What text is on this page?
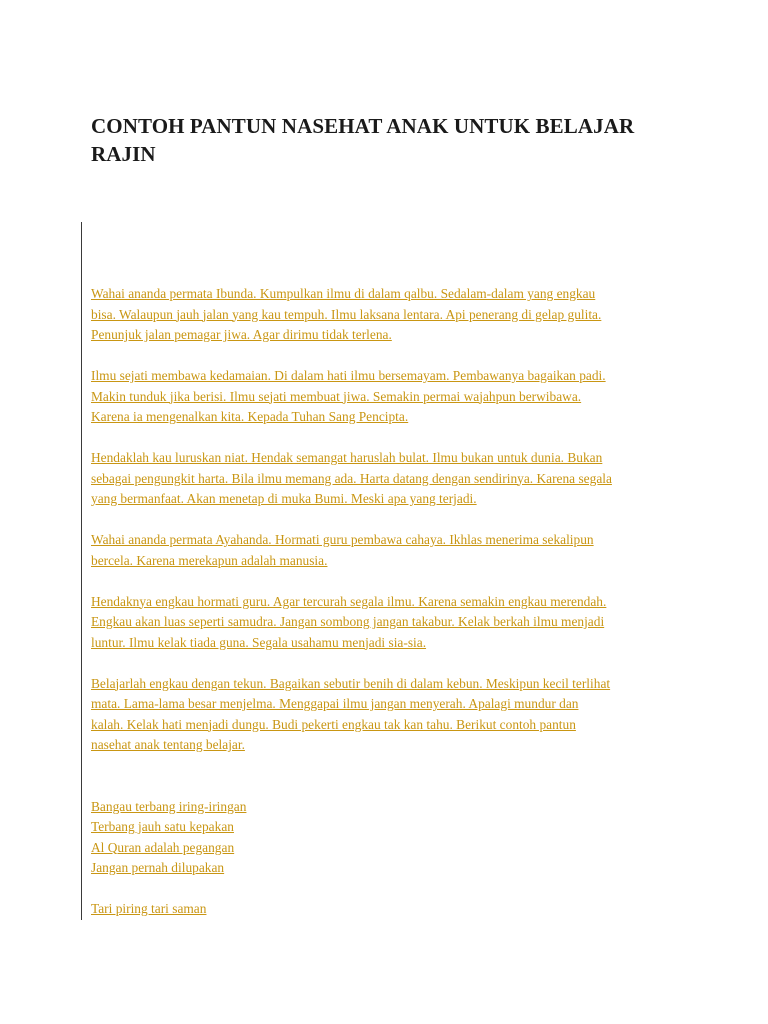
CONTOH PANTUN NASEHAT ANAK UNTUK BELAJAR RAJIN

Wahai ananda permata Ibunda. Kumpulkan ilmu di dalam qalbu. Sedalam-dalam yang engkau
bisa. Walaupun jauh jalan yang kau tempuh. Ilmu laksana lentara. Api penerang di gelap gulita.
Penunjuk jalan pemagar jiwa. Agar dirimu tidak terlena.

Ilmu sejati membawa kedamaian. Di dalam hati ilmu bersemayam. Pembawanya bagaikan padi.
Makin tunduk jika berisi. Ilmu sejati membuat jiwa. Semakin permai wajahpun berwibawa.
Karena ia mengenalkan kita. Kepada Tuhan Sang Pencipta.

Hendaklah kau luruskan niat. Hendak semangat haruslah bulat. Ilmu bukan untuk dunia. Bukan
sebagai pengungkit harta. Bila ilmu memang ada. Harta datang dengan sendirinya. Karena segala
yang bermanfaat. Akan menetap di muka Bumi. Meski apa yang terjadi.

Wahai ananda permata Ayahanda. Hormati guru pembawa cahaya. Ikhlas menerima sekalipun
bercela. Karena merekapun adalah manusia.

Hendaknya engkau hormati guru. Agar tercurah segala ilmu. Karena semakin engkau merendah.
Engkau akan luas seperti samudra. Jangan sombong jangan takabur. Kelak berkah ilmu menjadi
luntur. Ilmu kelak tiada guna. Segala usahamu menjadi sia-sia.

Belajarlah engkau dengan tekun. Bagaikan sebutir benih di dalam kebun. Meskipun kecil terlihat
mata. Lama-lama besar menjelma. Menggapai ilmu jangan menyerah. Apalagi mundur dan
kalah. Kelak hati menjadi dungu. Budi pekerti engkau tak kan tahu. Berikut contoh pantun
nasehat anak tentang belajar.

Bangau terbang iring-iringan

Terbang jauh satu kepakan

Al Quran adalah pegangan

Jangan pernah dilupakan

Tari piring tari saman
